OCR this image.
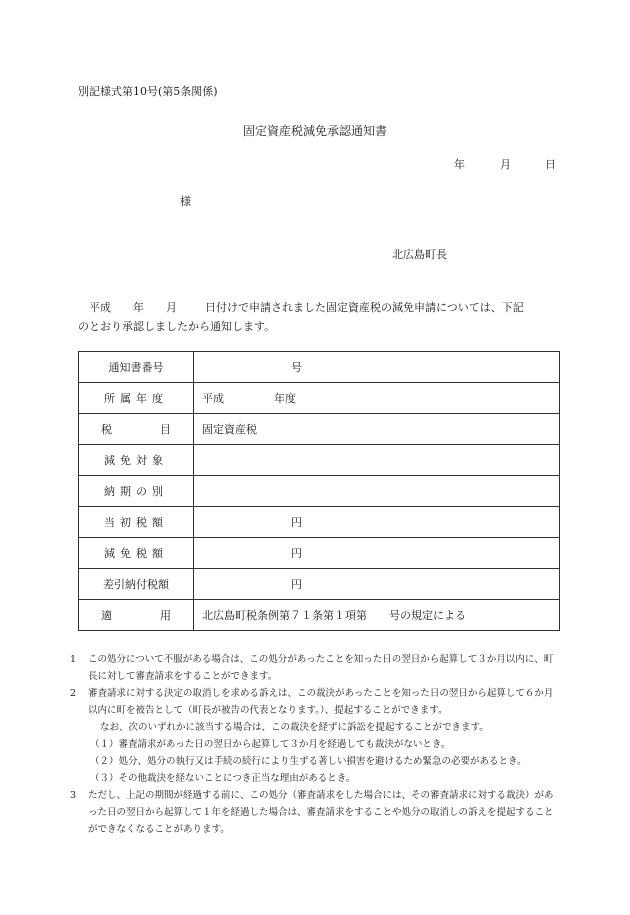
別記様式第10号(第5条関係)
固定資産税減免承認通知書
年	月	日
様
北広島町長

平成 年 月	日付けで申請されました固定資産税の減免申請については、下記

のとおり承認しましたから通知します。

通知書番号	号
所属年度	平成 年度
税 目	固定資産税
減免対象	
納期の別	
当初税額	円
減免税額	円
差引納付税額	円
適 用	北広島町税条例第７１条第１項第 号の規定による

1 この処分について不服がある場合は、この処分があったことを知った日の翌日から起算して３か月以内に、町長に対して審査請求をすることができます。

2 審査請求に対する決定の取消しを求める訴えは、この裁決があったことを知った日の翌日から起算して６か月以内に町を被告として（町長が被告の代表となります。）、提起することができます。

なお、次のいずれかに該当する場合は、この裁決を経ずに訴訟を提起することができます。

（１）審査請求があった日の翌日から起算して３か月を経過しても裁決がないとき。

（２）処分、処分の執行又は手続の続行により生ずる著しい損害を避けるため緊急の必要があるとき。

（３）その他裁決を経ないことにつき正当な理由があるとき。

3 ただし、上記の期間が経過する前に、この処分（審査請求をした場合には、その審査請求に対する裁決）があった日の翌日から起算して１年を経過した場合は、審査請求をすることや処分の取消しの訴えを提起することができなくなることがあります。
